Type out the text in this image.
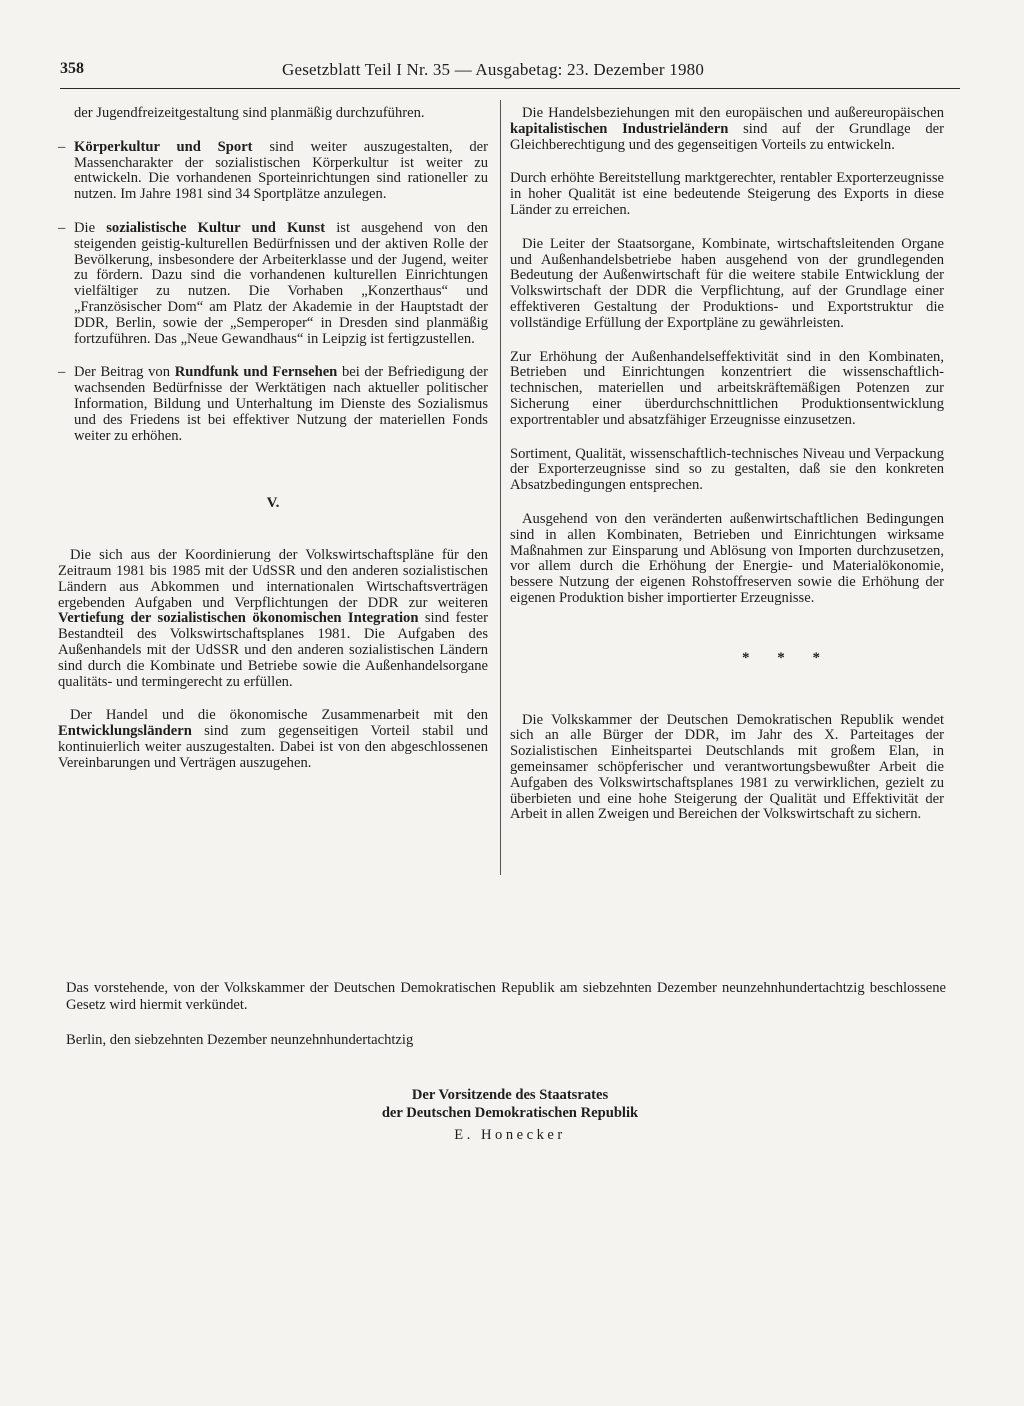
358	Gesetzblatt Teil I Nr. 35 — Ausgabetag: 23. Dezember 1980

der Jugendfreizeitgestaltung sind planmäßig durchzuführen.

– Körperkultur und Sport sind weiter auszugestalten, der Massencharakter der sozialistischen Körperkultur ist weiter zu entwickeln. Die vorhandenen Sporteinrichtungen sind rationeller zu nutzen. Im Jahre 1981 sind 34 Sportplätze anzulegen.

– Die sozialistische Kultur und Kunst ist ausgehend von den steigenden geistig-kulturellen Bedürfnissen und der aktiven Rolle der Bevölkerung, insbesondere der Arbeiterklasse und der Jugend, weiter zu fördern. Dazu sind die vorhandenen kulturellen Einrichtungen vielfältiger zu nutzen. Die Vorhaben „Konzerthaus“ und „Französischer Dom“ am Platz der Akademie in der Hauptstadt der DDR, Berlin, sowie der „Semperoper“ in Dresden sind planmäßig fortzuführen. Das „Neue Gewandhaus“ in Leipzig ist fertigzustellen.

– Der Beitrag von Rundfunk und Fernsehen bei der Befriedigung der wachsenden Bedürfnisse der Werktätigen nach aktueller politischer Information, Bildung und Unterhaltung im Dienste des Sozialismus und des Friedens ist bei effektiver Nutzung der materiellen Fonds weiter zu erhöhen.

V.

Die sich aus der Koordinierung der Volkswirtschaftspläne für den Zeitraum 1981 bis 1985 mit der UdSSR und den anderen sozialistischen Ländern aus Abkommen und internationalen Wirtschaftsverträgen ergebenden Aufgaben und Verpflichtungen der DDR zur weiteren Vertiefung der sozialistischen ökonomischen Integration sind fester Bestandteil des Volkswirtschaftsplanes 1981. Die Aufgaben des Außenhandels mit der UdSSR und den anderen sozialistischen Ländern sind durch die Kombinate und Betriebe sowie die Außenhandelsorgane qualitäts- und termingerecht zu erfüllen.

Der Handel und die ökonomische Zusammenarbeit mit den Entwicklungsländern sind zum gegenseitigen Vorteil stabil und kontinuierlich weiter auszugestalten. Dabei ist von den abgeschlossenen Vereinbarungen und Verträgen auszugehen.

Die Handelsbeziehungen mit den europäischen und außereuropäischen kapitalistischen Industrieländern sind auf der Grundlage der Gleichberechtigung und des gegenseitigen Vorteils zu entwickeln.

Durch erhöhte Bereitstellung marktgerechter, rentabler Exporterzeugnisse in hoher Qualität ist eine bedeutende Steigerung des Exports in diese Länder zu erreichen.

Die Leiter der Staatsorgane, Kombinate, wirtschaftsleitenden Organe und Außenhandelsbetriebe haben ausgehend von der grundlegenden Bedeutung der Außenwirtschaft für die weitere stabile Entwicklung der Volkswirtschaft der DDR die Verpflichtung, auf der Grundlage einer effektiveren Gestaltung der Produktions- und Exportstruktur die vollständige Erfüllung der Exportpläne zu gewährleisten.

Zur Erhöhung der Außenhandelseffektivität sind in den Kombinaten, Betrieben und Einrichtungen konzentriert die wissenschaftlich-technischen, materiellen und arbeitskräftemäßigen Potenzen zur Sicherung einer überdurchschnittlichen Produktionsentwicklung exportrentabler und absatzfähiger Erzeugnisse einzusetzen.

Sortiment, Qualität, wissenschaftlich-technisches Niveau und Verpackung der Exporterzeugnisse sind so zu gestalten, daß sie den konkreten Absatzbedingungen entsprechen.

Ausgehend von den veränderten außenwirtschaftlichen Bedingungen sind in allen Kombinaten, Betrieben und Einrichtungen wirksame Maßnahmen zur Einsparung und Ablösung von Importen durchzusetzen, vor allem durch die Erhöhung der Energie- und Materialökonomie, bessere Nutzung der eigenen Rohstoffreserven sowie die Erhöhung der eigenen Produktion bisher importierter Erzeugnisse.

* * *

Die Volkskammer der Deutschen Demokratischen Republik wendet sich an alle Bürger der DDR, im Jahr des X. Parteitages der Sozialistischen Einheitspartei Deutschlands mit großem Elan, in gemeinsamer schöpferischer und verantwortungsbewußter Arbeit die Aufgaben des Volkswirtschaftsplanes 1981 zu verwirklichen, gezielt zu überbieten und eine hohe Steigerung der Qualität und Effektivität der Arbeit in allen Zweigen und Bereichen der Volkswirtschaft zu sichern.

Das vorstehende, von der Volkskammer der Deutschen Demokratischen Republik am siebzehnten Dezember neunzehnhundertachtzig beschlossene Gesetz wird hiermit verkündet.

Berlin, den siebzehnten Dezember neunzehnhundertachtzig

Der Vorsitzende des Staatsrates
der Deutschen Demokratischen Republik
E. Honecker
